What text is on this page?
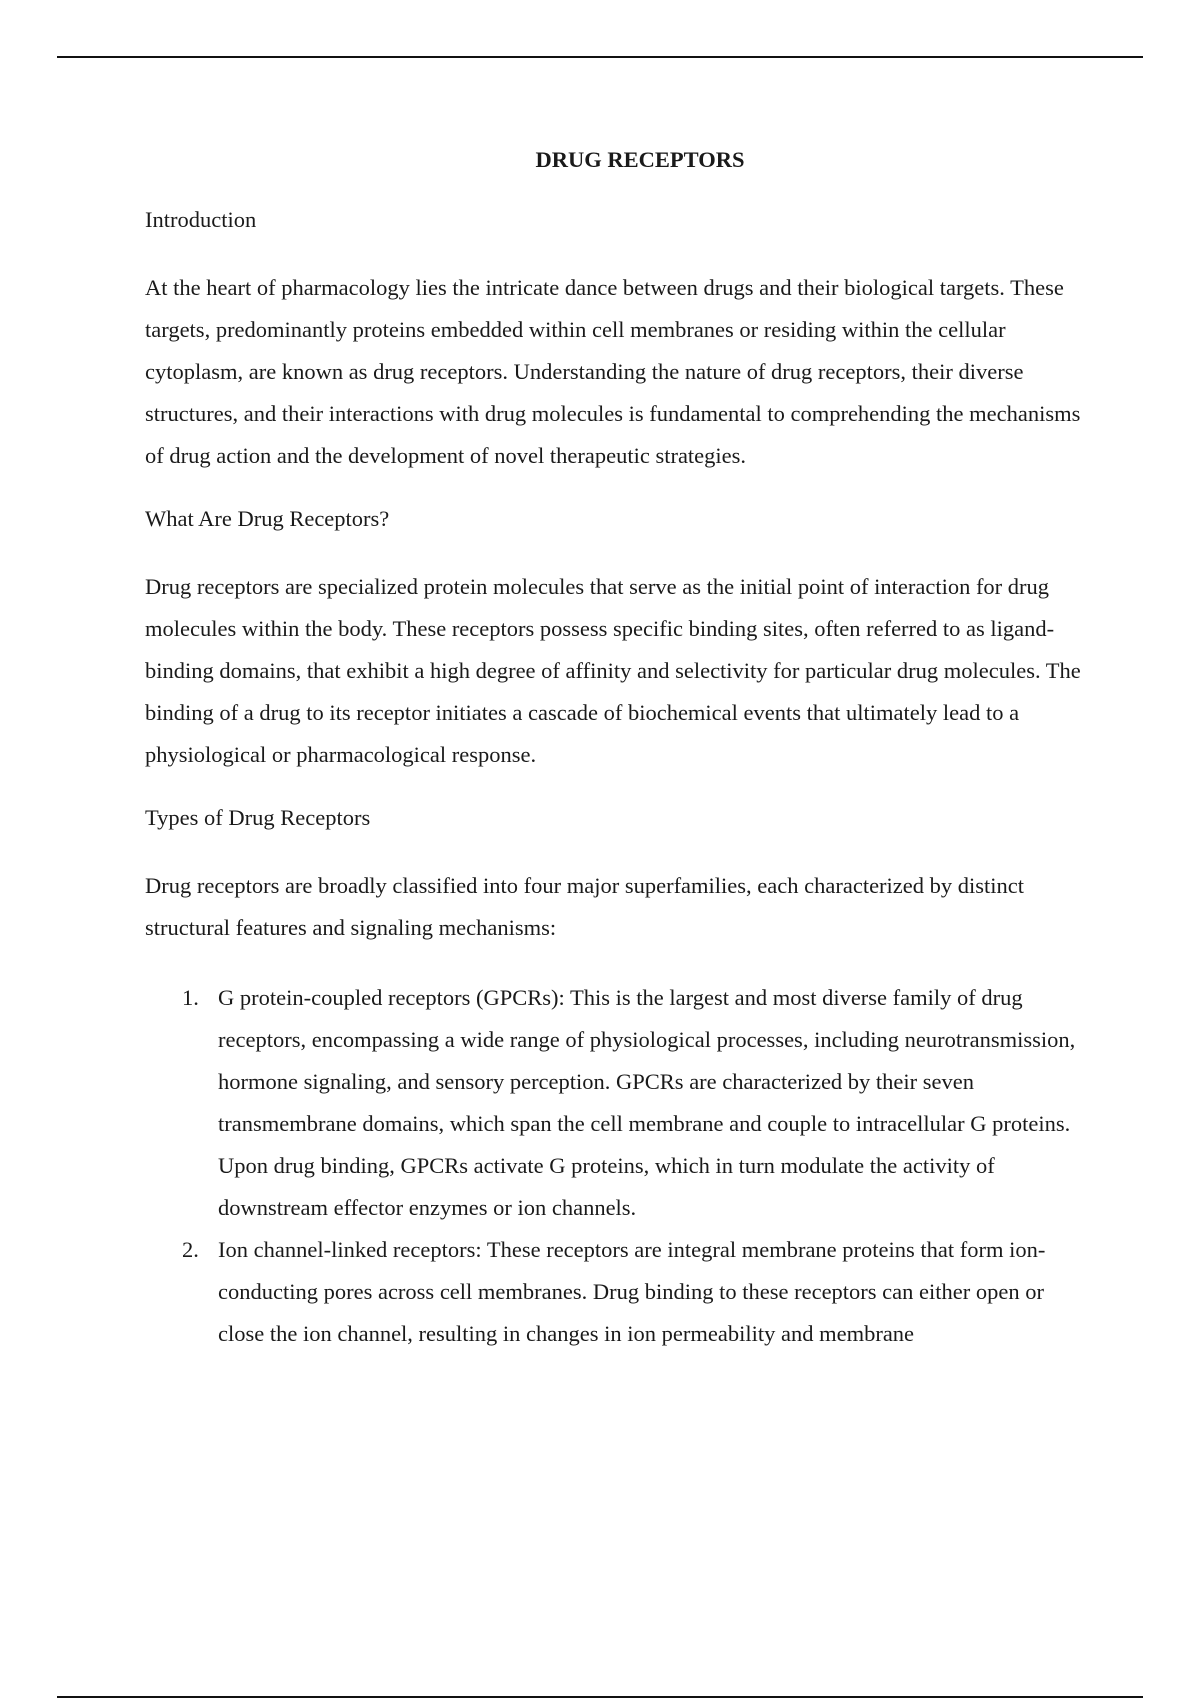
DRUG RECEPTORS

Introduction

At the heart of pharmacology lies the intricate dance between drugs and their biological targets. These targets, predominantly proteins embedded within cell membranes or residing within the cellular cytoplasm, are known as drug receptors. Understanding the nature of drug receptors, their diverse structures, and their interactions with drug molecules is fundamental to comprehending the mechanisms of drug action and the development of novel therapeutic strategies.

What Are Drug Receptors?

Drug receptors are specialized protein molecules that serve as the initial point of interaction for drug molecules within the body. These receptors possess specific binding sites, often referred to as ligand-binding domains, that exhibit a high degree of affinity and selectivity for particular drug molecules. The binding of a drug to its receptor initiates a cascade of biochemical events that ultimately lead to a physiological or pharmacological response.

Types of Drug Receptors

Drug receptors are broadly classified into four major superfamilies, each characterized by distinct structural features and signaling mechanisms:

1. G protein-coupled receptors (GPCRs): This is the largest and most diverse family of drug receptors, encompassing a wide range of physiological processes, including neurotransmission, hormone signaling, and sensory perception. GPCRs are characterized by their seven transmembrane domains, which span the cell membrane and couple to intracellular G proteins. Upon drug binding, GPCRs activate G proteins, which in turn modulate the activity of downstream effector enzymes or ion channels.
2. Ion channel-linked receptors: These receptors are integral membrane proteins that form ion-conducting pores across cell membranes. Drug binding to these receptors can either open or close the ion channel, resulting in changes in ion permeability and membrane
